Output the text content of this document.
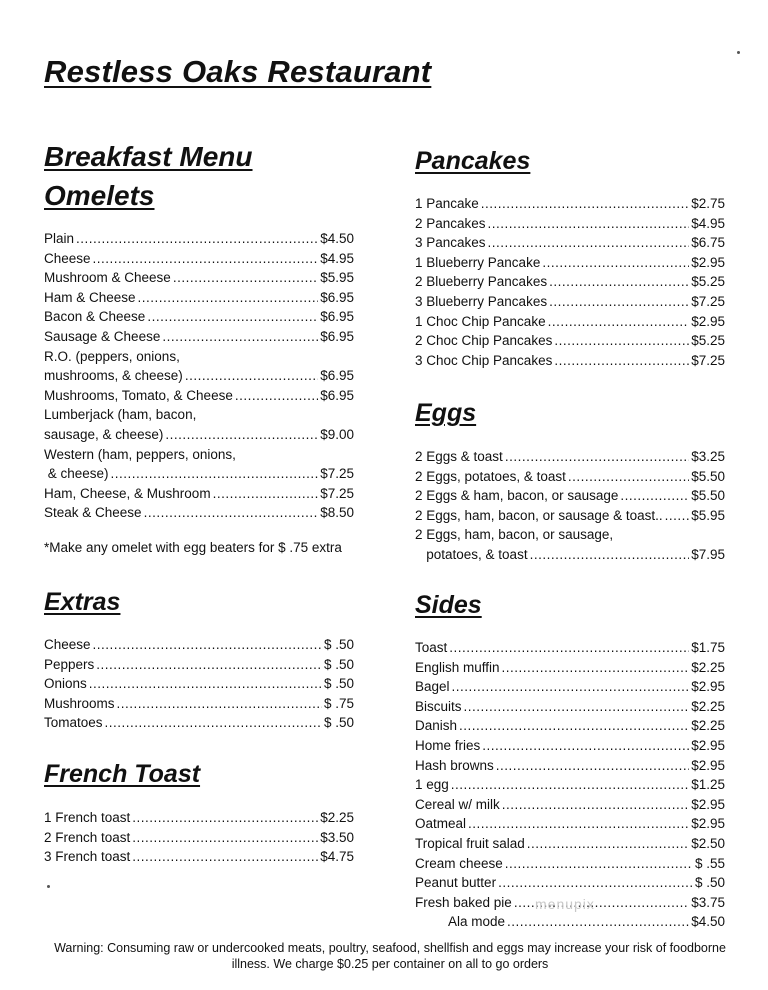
Restless Oaks Restaurant
Breakfast Menu
Omelets
Plain .....	$4.50
Cheese .....	$4.95
Mushroom & Cheese .....	$5.95
Ham & Cheese .....	$6.95
Bacon & Cheese .....	$6.95
Sausage & Cheese .....	$6.95
R.O. (peppers, onions,
mushrooms, & cheese) .....	$6.95
Mushrooms, Tomato, & Cheese .....	$6.95
Lumberjack (ham, bacon,
sausage, & cheese) .....	$9.00
Western (ham, peppers, onions,
& cheese) .....	$7.25
Ham, Cheese, & Mushroom .....	$7.25
Steak & Cheese .....	$8.50
*Make any omelet with egg beaters for $ .75 extra
Extras
Cheese .....	$ .50
Peppers .....	$ .50
Onions .....	$ .50
Mushrooms .....	$ .75
Tomatoes .....	$ .50
French Toast
1 French toast .....	$2.25
2 French toast .....	$3.50
3 French toast .....	$4.75
Pancakes
1 Pancake .....	$2.75
2 Pancakes .....	$4.95
3 Pancakes .....	$6.75
1 Blueberry Pancake .....	$2.95
2 Blueberry Pancakes .....	$5.25
3 Blueberry Pancakes .....	$7.25
1 Choc Chip Pancake .....	$2.95
2 Choc Chip Pancakes .....	$5.25
3 Choc Chip Pancakes .....	$7.25
Eggs
2 Eggs & toast .....	$3.25
2 Eggs, potatoes, & toast .....	$5.50
2 Eggs & ham, bacon, or sausage .....	$5.50
2 Eggs, ham, bacon, or sausage & toast.. ..... $5.95
2 Eggs, ham, bacon, or sausage,
potatoes, & toast .....	$7.95
Sides
Toast .....	$1.75
English muffin .....	$2.25
Bagel .....	$2.95
Biscuits .....	$2.25
Danish .....	$2.25
Home fries .....	$2.95
Hash browns .....	$2.95
1 egg .....	$1.25
Cereal w/ milk .....	$2.95
Oatmeal .....	$2.95
Tropical fruit salad .....	$2.50
Cream cheese .....	$ .55
Peanut butter .....	$ .50
Fresh baked pie .....	$3.75
Ala mode .....	$4.50
menupix
Warning: Consuming raw or undercooked meats, poultry, seafood, shellfish and eggs may increase your risk of foodborne illness. We charge $0.25 per container on all to go orders
